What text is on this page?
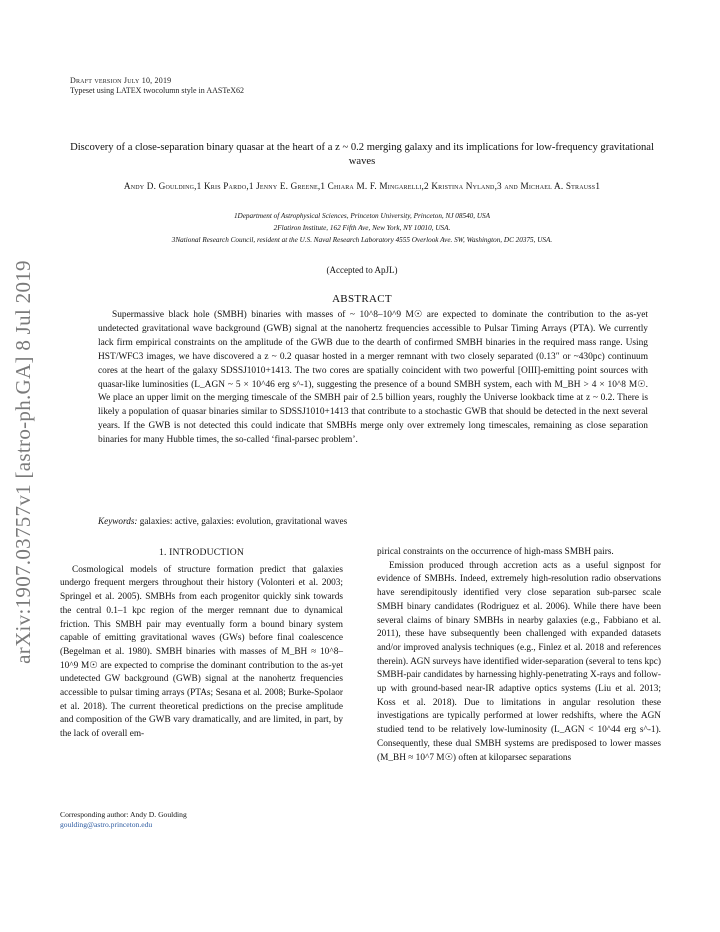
arXiv:1907.03757v1 [astro-ph.GA] 8 Jul 2019
Draft version July 10, 2019
Typeset using LATEX twocolumn style in AASTeX62
Discovery of a close-separation binary quasar at the heart of a z ~ 0.2 merging galaxy and its implications for low-frequency gravitational waves
Andy D. Goulding,1 Kris Pardo,1 Jenny E. Greene,1 Chiara M. F. Mingarelli,2 Kristina Nyland,3 and Michael A. Strauss1
1Department of Astrophysical Sciences, Princeton University, Princeton, NJ 08540, USA
2Flatiron Institute, 162 Fifth Ave, New York, NY 10010, USA.
3National Research Council, resident at the U.S. Naval Research Laboratory 4555 Overlook Ave. SW, Washington, DC 20375, USA.
(Accepted to ApJL)
ABSTRACT

Supermassive black hole (SMBH) binaries with masses of ~ 10^8–10^9 M☉ are expected to dominate the contribution to the as-yet undetected gravitational wave background (GWB) signal at the nanohertz frequencies accessible to Pulsar Timing Arrays (PTA). We currently lack firm empirical constraints on the amplitude of the GWB due to the dearth of confirmed SMBH binaries in the required mass range. Using HST/WFC3 images, we have discovered a z ~ 0.2 quasar hosted in a merger remnant with two closely separated (0.13″ or ~430pc) continuum cores at the heart of the galaxy SDSSJ1010+1413. The two cores are spatially coincident with two powerful [OIII]-emitting point sources with quasar-like luminosities (L_AGN ~ 5 × 10^46 erg s^-1), suggesting the presence of a bound SMBH system, each with M_BH > 4 × 10^8 M☉. We place an upper limit on the merging timescale of the SMBH pair of 2.5 billion years, roughly the Universe lookback time at z ~ 0.2. There is likely a population of quasar binaries similar to SDSSJ1010+1413 that contribute to a stochastic GWB that should be detected in the next several years. If the GWB is not detected this could indicate that SMBHs merge only over extremely long timescales, remaining as close separation binaries for many Hubble times, the so-called ‘final-parsec problem’.

Keywords: galaxies: active, galaxies: evolution, gravitational waves
1. INTRODUCTION

Cosmological models of structure formation predict that galaxies undergo frequent mergers throughout their history (Volonteri et al. 2003; Springel et al. 2005). SMBHs from each progenitor quickly sink towards the central 0.1–1 kpc region of the merger remnant due to dynamical friction. This SMBH pair may eventually form a bound binary system capable of emitting gravitational waves (GWs) before final coalescence (Begelman et al. 1980). SMBH binaries with masses of M_BH ≈ 10^8–10^9 M☉ are expected to comprise the dominant contribution to the as-yet undetected GW background (GWB) signal at the nanohertz frequencies accessible to pulsar timing arrays (PTAs; Sesana et al. 2008; Burke-Spolaor et al. 2018). The current theoretical predictions on the precise amplitude and composition of the GWB vary dramatically, and are limited, in part, by the lack of overall em-

pirical constraints on the occurrence of high-mass SMBH pairs.

Emission produced through accretion acts as a useful signpost for evidence of SMBHs. Indeed, extremely high-resolution radio observations have serendipitously identified very close separation sub-parsec scale SMBH binary candidates (Rodriguez et al. 2006). While there have been several claims of binary SMBHs in nearby galaxies (e.g., Fabbiano et al. 2011), these have subsequently been challenged with expanded datasets and/or improved analysis techniques (e.g., Finlez et al. 2018 and references therein). AGN surveys have identified wider-separation (several to tens kpc) SMBH-pair candidates by harnessing highly-penetrating X-rays and follow-up with ground-based near-IR adaptive optics systems (Liu et al. 2013; Koss et al. 2018). Due to limitations in angular resolution these investigations are typically performed at lower redshifts, where the AGN studied tend to be relatively low-luminosity (L_AGN < 10^44 erg s^-1). Consequently, these dual SMBH systems are predisposed to lower masses (M_BH ≈ 10^7 M☉) often at kiloparsec separations

Corresponding author: Andy D. Goulding
goulding@astro.princeton.edu
